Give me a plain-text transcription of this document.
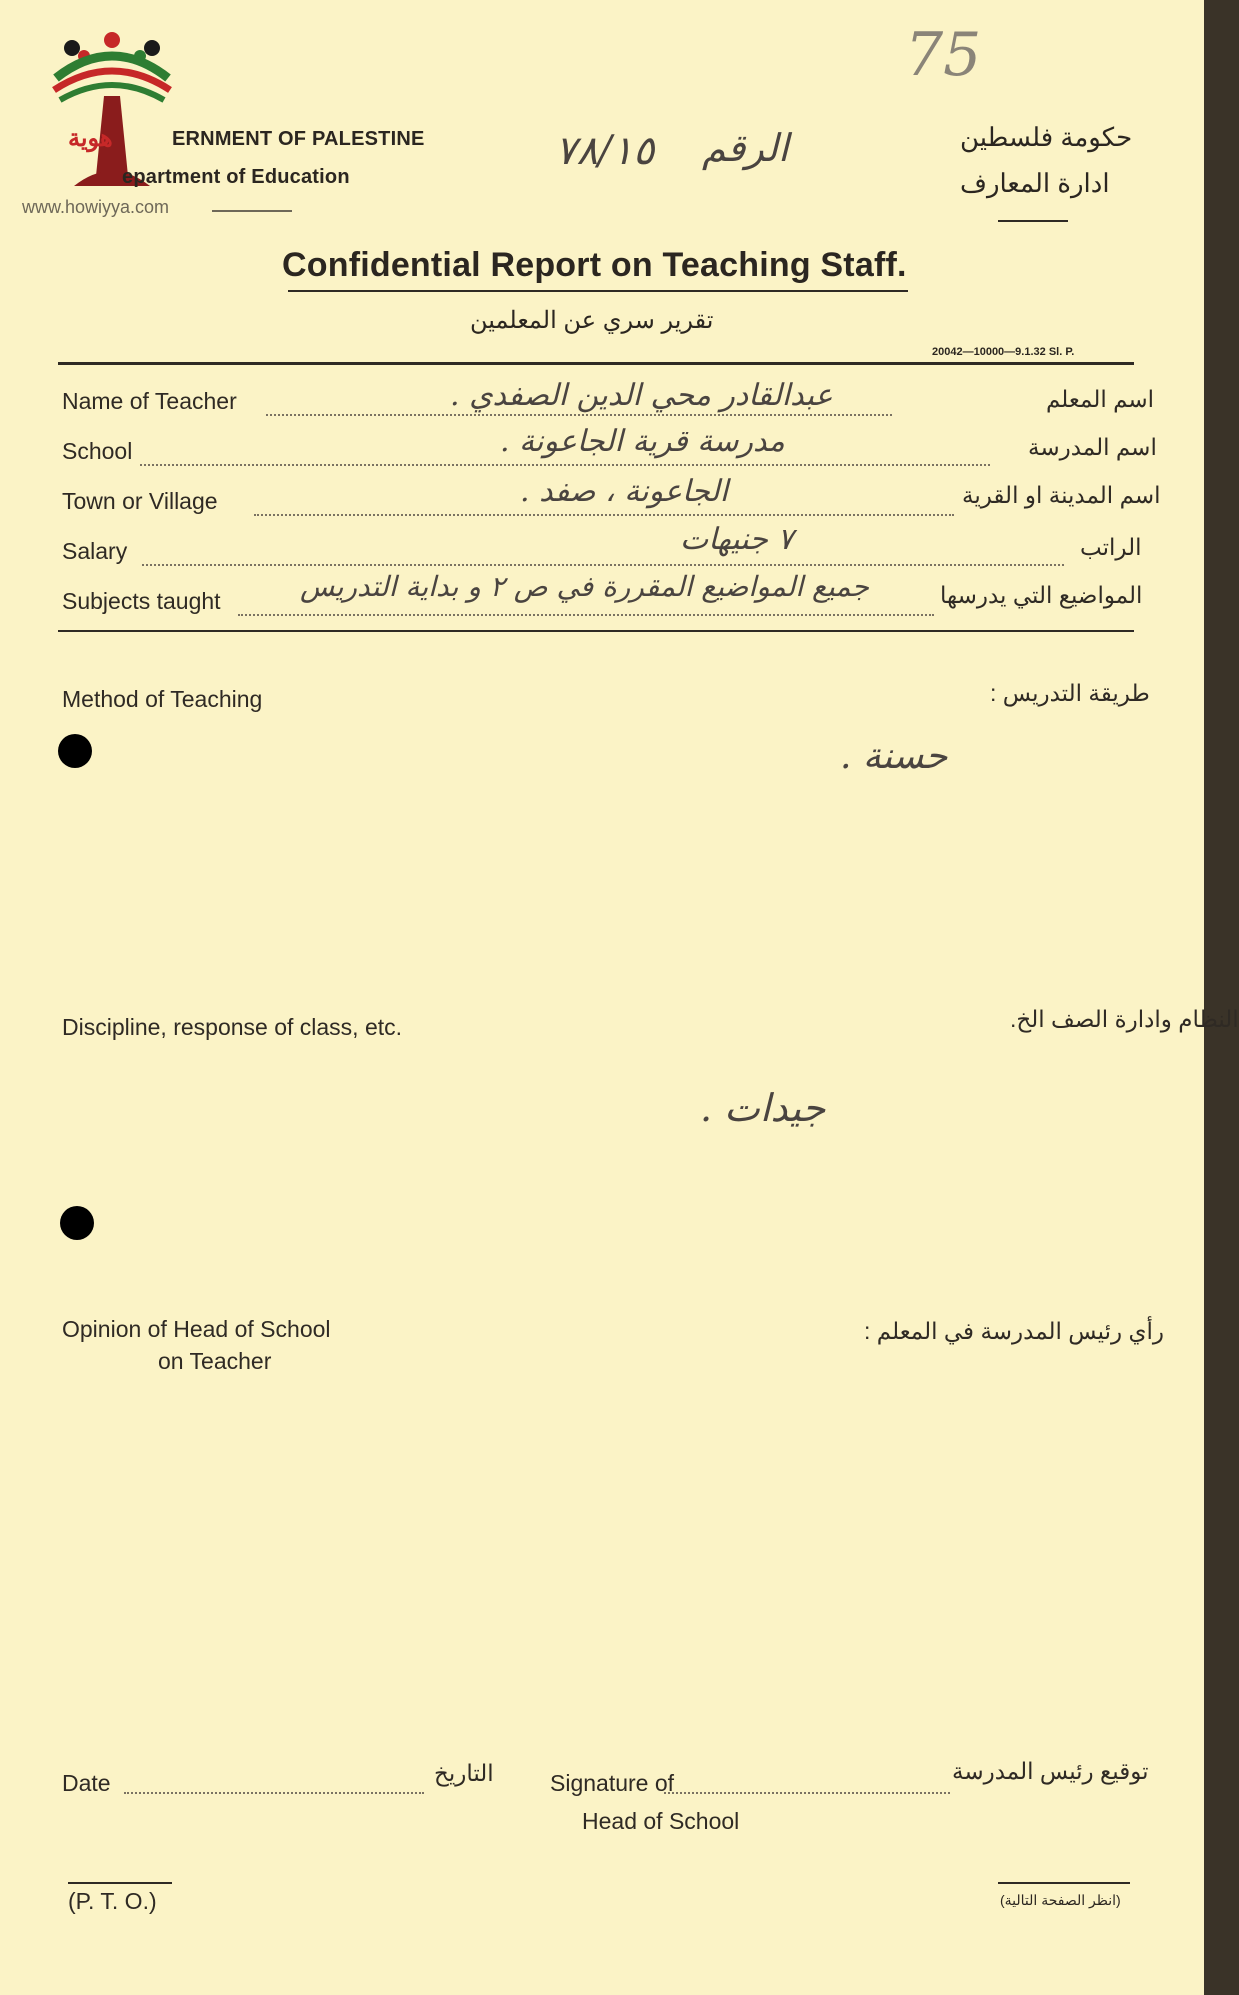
هوية
www.howiyya.com
ERNMENT OF PALESTINE
epartment of Education
٧٨/١٥ الرقم
75
حكومة فلسطين
ادارة المعارف
Confidential Report on Teaching Staff.
تقرير سري عن المعلمين
20042—10000—9.1.32 Sl. P.
Name of Teacher	عبدالقادر محي الدين الصفدي .	اسم المعلم
School	مدرسة قرية الجاعونة .	اسم المدرسة
Town or Village	الجاعونة ، صفد .	اسم المدينة او القرية
Salary	٧ جنيهات	الراتب
Subjects taught	جميع المواضيع المقررة في ص ٢ و بداية التدريس	المواضيع التي يدرسها
Method of Teaching	طريقة التدريس :
حسنة .
Discipline, response of class, etc.	النظام وادارة الصف الخ.
جيدات .
Opinion of Head of School
on Teacher
رأي رئيس المدرسة في المعلم :
Date	التاريخ Signature of
Head of School
توقيع رئيس المدرسة
(P. T. O.)	(انظر الصفحة التالية)
